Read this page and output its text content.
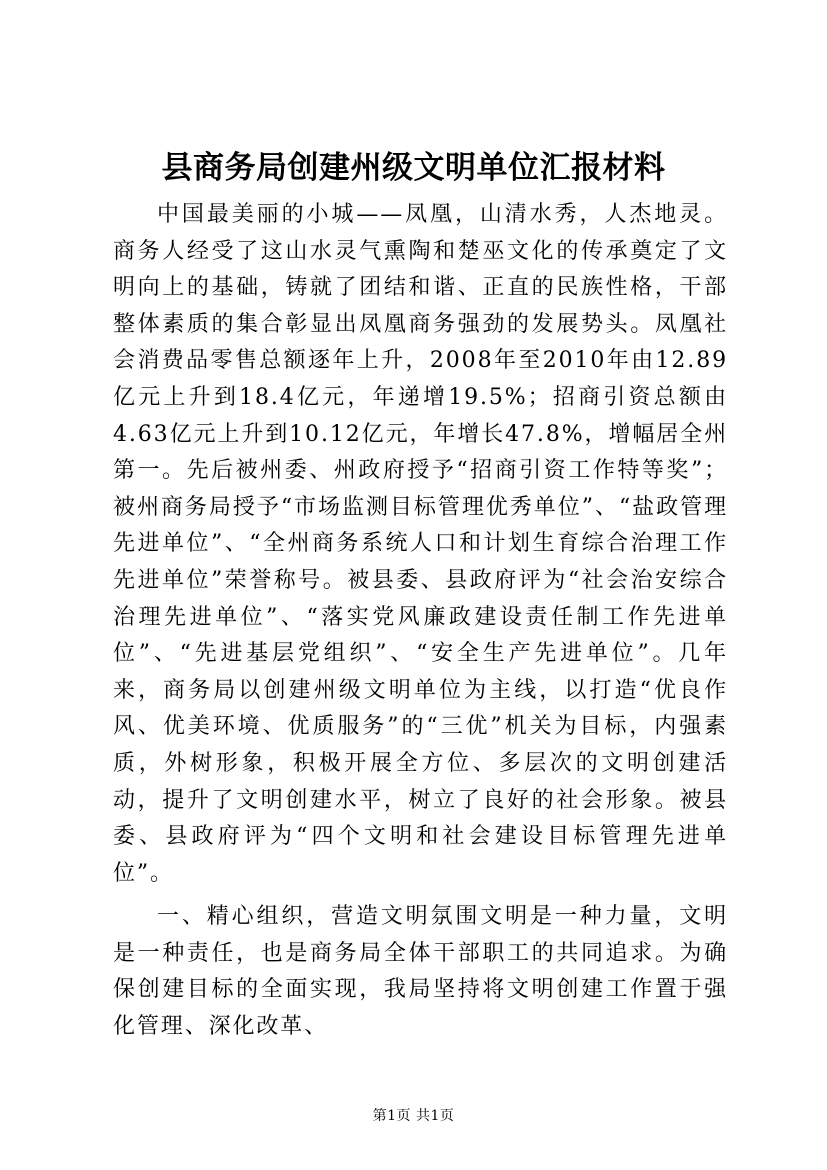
县商务局创建州级文明单位汇报材料

中国最美丽的小城——凤凰，山清水秀，人杰地灵。商务人经受了这山水灵气熏陶和楚巫文化的传承奠定了文明向上的基础，铸就了团结和谐、正直的民族性格，干部整体素质的集合彰显出凤凰商务强劲的发展势头。凤凰社会消费品零售总额逐年上升，2008年至2010年由12.89亿元上升到18.4亿元，年递增19.5%；招商引资总额由4.63亿元上升到10.12亿元，年增长47.8%，增幅居全州第一。先后被州委、州政府授予“招商引资工作特等奖”；被州商务局授予“市场监测目标管理优秀单位”、“盐政管理先进单位”、“全州商务系统人口和计划生育综合治理工作先进单位”荣誉称号。被县委、县政府评为“社会治安综合治理先进单位”、“落实党风廉政建设责任制工作先进单位”、“先进基层党组织”、“安全生产先进单位”。几年来，商务局以创建州级文明单位为主线，以打造“优良作风、优美环境、优质服务”的“三优”机关为目标，内强素质，外树形象，积极开展全方位、多层次的文明创建活动，提升了文明创建水平，树立了良好的社会形象。被县委、县政府评为“四个文明和社会建设目标管理先进单位”。

一、精心组织，营造文明氛围文明是一种力量，文明是一种责任，也是商务局全体干部职工的共同追求。为确保创建目标的全面实现，我局坚持将文明创建工作置于强化管理、深化改革、

第1页 共1页
